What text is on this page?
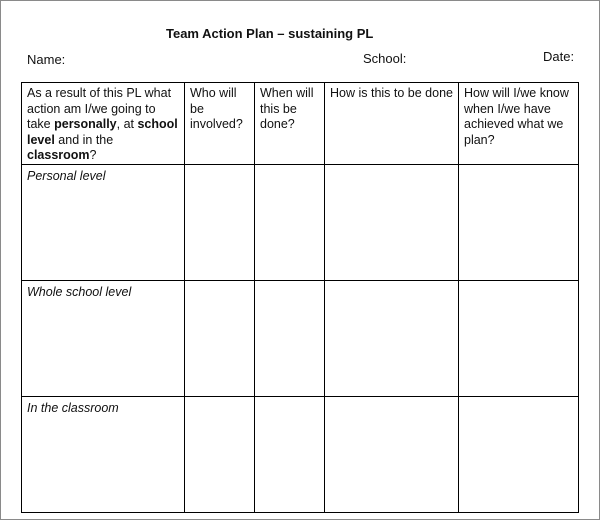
Team Action Plan – sustaining PL
Name:	School:	Date:
As a result of this PL what action am I/we going to take personally, at school level and in the classroom?	Who will be involved?	When will this be done?	How is this to be done	How will I/we know when I/we have achieved what we plan?
Personal level				
Whole school level				
In the classroom				
